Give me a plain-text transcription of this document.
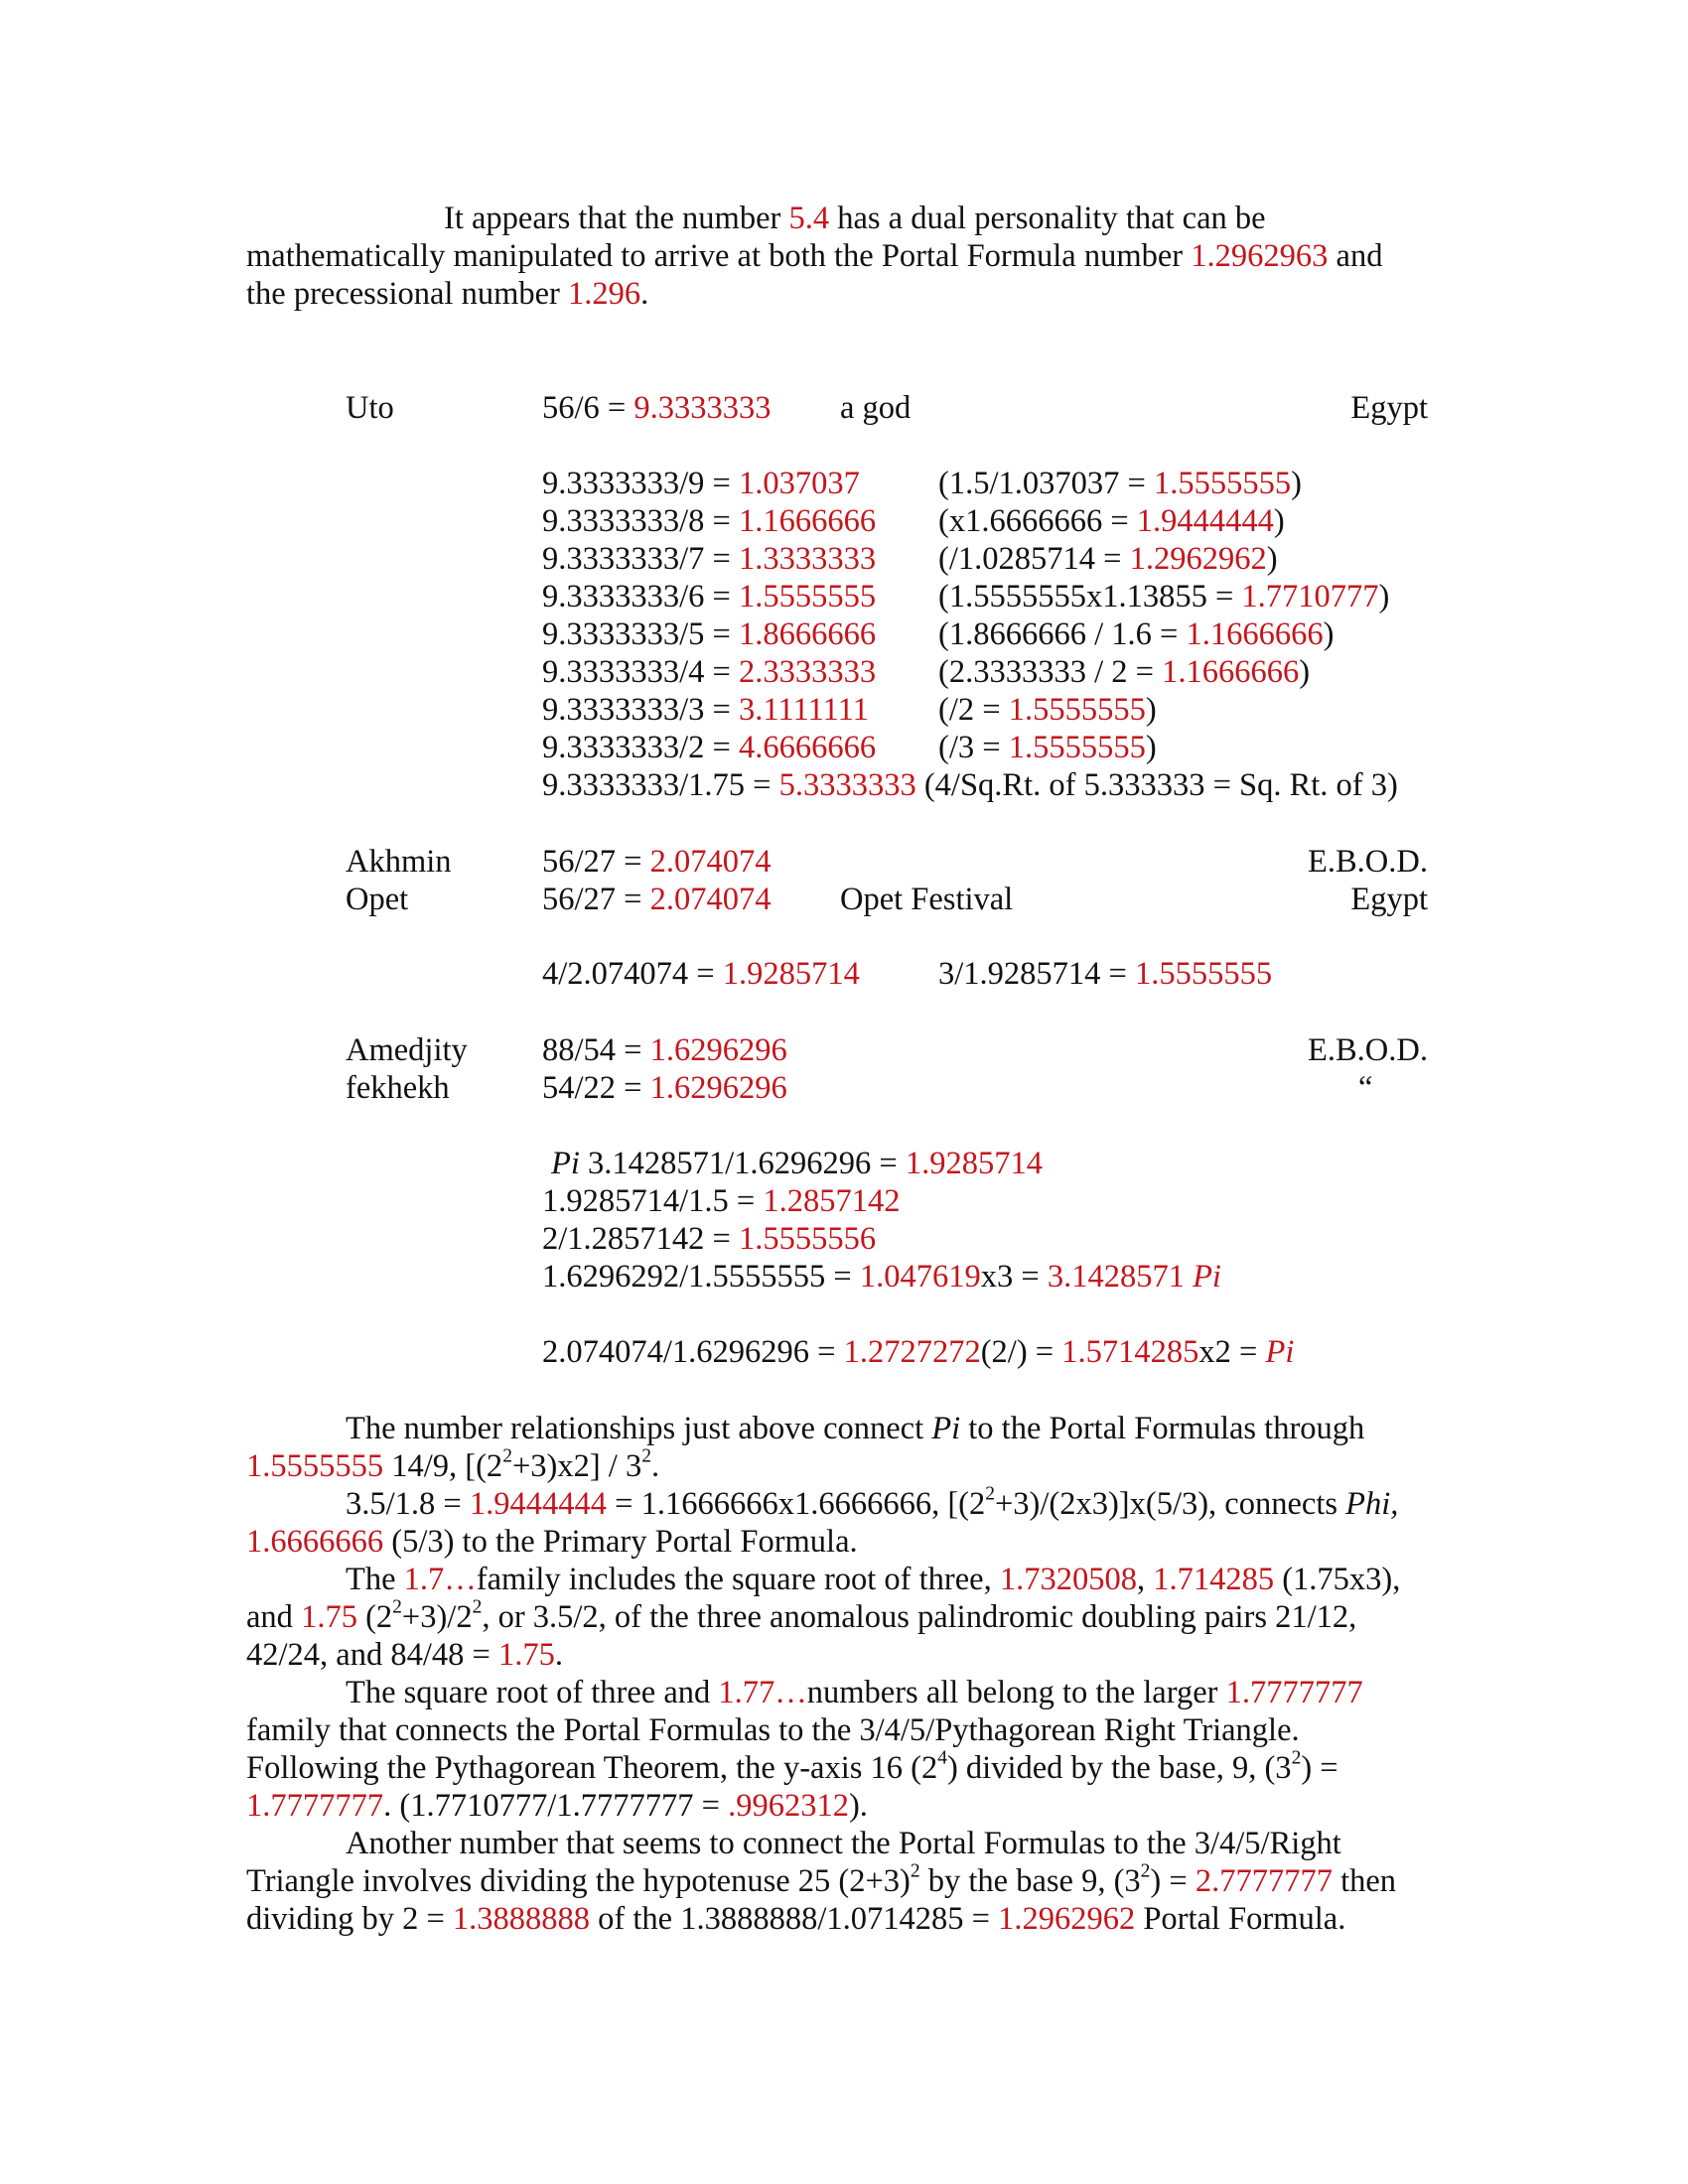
It appears that the number 5.4 has a dual personality that can be
mathematically manipulated to arrive at both the Portal Formula number 1.2962963 and
the precessional number 1.296.
Uto	56/6 = 9.3333333 a god	Egypt
9.3333333/9 = 1.037037 (1.5/1.037037 = 1.5555555)
9.3333333/8 = 1.1666666 (x1.6666666 = 1.9444444)
9.3333333/7 = 1.3333333 (/1.0285714 = 1.2962962)
9.3333333/6 = 1.5555555 (1.5555555x1.13855 = 1.7710777)
9.3333333/5 = 1.8666666 (1.8666666 / 1.6 = 1.1666666)
9.3333333/4 = 2.3333333 (2.3333333 / 2 = 1.1666666)
9.3333333/3 = 3.1111111 (/2 = 1.5555555)
9.3333333/2 = 4.6666666 (/3 = 1.5555555)
9.3333333/1.75 = 5.3333333 (4/Sq.Rt. of 5.333333 = Sq. Rt. of 3)
Akhmin	56/27 = 2.074074	E.B.O.D.
Opet	56/27 = 2.074074 Opet Festival	Egypt
4/2.074074 = 1.9285714 3/1.9285714 = 1.5555555
Amedjity 88/54 = 1.6296296	E.B.O.D.
fekhekh	54/22 = 1.6296296	“
Pi 3.1428571/1.6296296 = 1.9285714
1.9285714/1.5 = 1.2857142
2/1.2857142 = 1.5555556
1.6296292/1.5555555 = 1.047619x3 = 3.1428571 Pi
2.074074/1.6296296 = 1.2727272(2/) = 1.5714285x2 = Pi
The number relationships just above connect Pi to the Portal Formulas through
1.5555555 14/9, $[(2^2+3)x2] / 3^2$.
3.5/1.8 = 1.9444444 = 1.1666666x1.6666666, $[(2^2+3)/(2x3)]x(5/3)$, connects Phi,
1.6666666 (5/3) to the Primary Portal Formula.
The 1.7…family includes the square root of three, 1.7320508, 1.714285 (1.75x3),
and 1.75 $(2^2+3)/2^2$, or 3.5/2, of the three anomalous palindromic doubling pairs 21/12,
42/24, and 84/48 = 1.75.
The square root of three and 1.77…numbers all belong to the larger 1.7777777
family that connects the Portal Formulas to the 3/4/5/Pythagorean Right Triangle.
Following the Pythagorean Theorem, the y-axis 16 $(2^4)$ divided by the base, 9, $(3^2)$ =
1.7777777. (1.7710777/1.7777777 = .9962312).
Another number that seems to connect the Portal Formulas to the 3/4/5/Right
Triangle involves dividing the hypotenuse 25 $(2+3)^2$ by the base 9, $(3^2) = 2.7777777$ then
dividing by 2 = 1.3888888 of the 1.3888888/1.0714285 = 1.2962962 Portal Formula.
